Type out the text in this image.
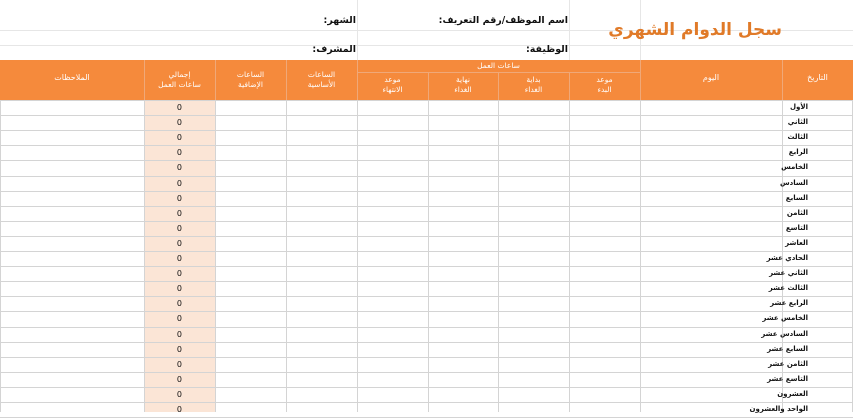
سجل الدوام الشهري
اسم الموظف/رقم التعريف:
الشهر:
الوظيفة:
المشرف:
التاريخ
اليوم
ساعات العمل
الملاحظات	موعد
البدء
بداية
الغداء
نهاية
الغداء
موعد
الانتهاء
الساعات
الأساسية
الساعات
الإضافية
إجمالي
ساعات العمل
الأول
0
الثاني
0
الثالث
0
الرابع
0
الخامس
0
السادس
0
السابع
0
الثامن
0
التاسع
0
العاشر
0
الحادي عشر
0
الثاني عشر
0
الثالث عشر
0
الرابع عشر
0
الخامس عشر
0
السادس عشر
0
السابع عشر
0
الثامن عشر
0
التاسع عشر
0
العشرون
0
الواحد والعشرون
0
